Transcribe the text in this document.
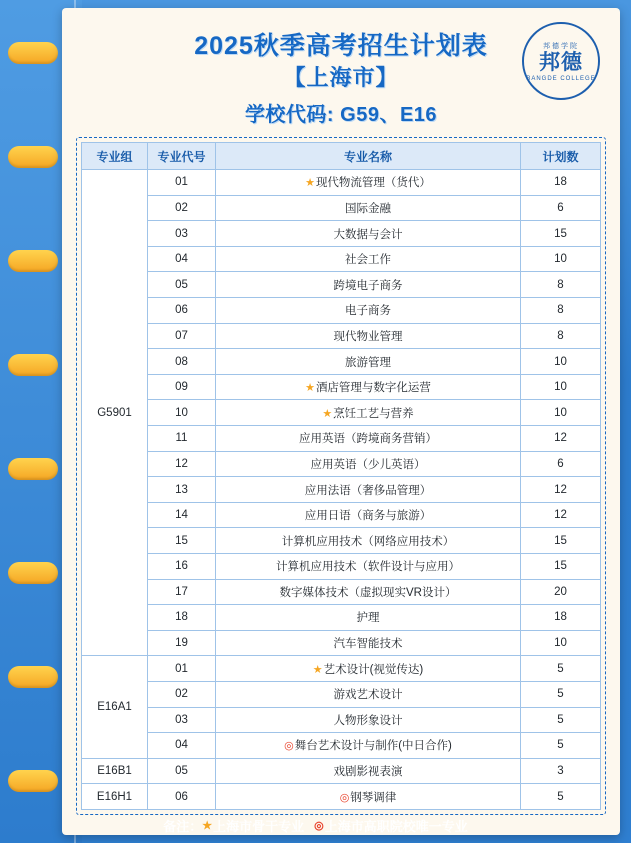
2025秋季高考招生计划表
【上海市】
学校代码: G59、E16
邦德学院
邦德
BANGDE COLLEGE
专业组	专业代号	专业名称	计划数
G5901	01	★现代物流管理（货代）	18
	02	国际金融	6
	03	大数据与会计	15
	04	社会工作	10
	05	跨境电子商务	8
	06	电子商务	8
	07	现代物业管理	8
	08	旅游管理	10
	09	★酒店管理与数字化运营	10
	10	★烹饪工艺与营养	10
	11	应用英语（跨境商务营销）	12
	12	应用英语（少儿英语）	6
	13	应用法语（奢侈品管理）	12
	14	应用日语（商务与旅游）	12
	15	计算机应用技术（网络应用技术）	15
	16	计算机应用技术（软件设计与应用）	15
	17	数字媒体技术（虚拟现实VR设计）	20
	18	护理	18
	19	汽车智能技术	10
E16A1	01	★艺术设计(视觉传达)	5
	02	游戏艺术设计	5
	03	人物形象设计	5
	04	◎舞台艺术设计与制作(中日合作)	5
E16B1	05	戏剧影视表演	3
E16H1	06	◎钢琴调律	5
备注： ★ 上海市骨干专业 ◎ 上海市高职院校唯一专业
